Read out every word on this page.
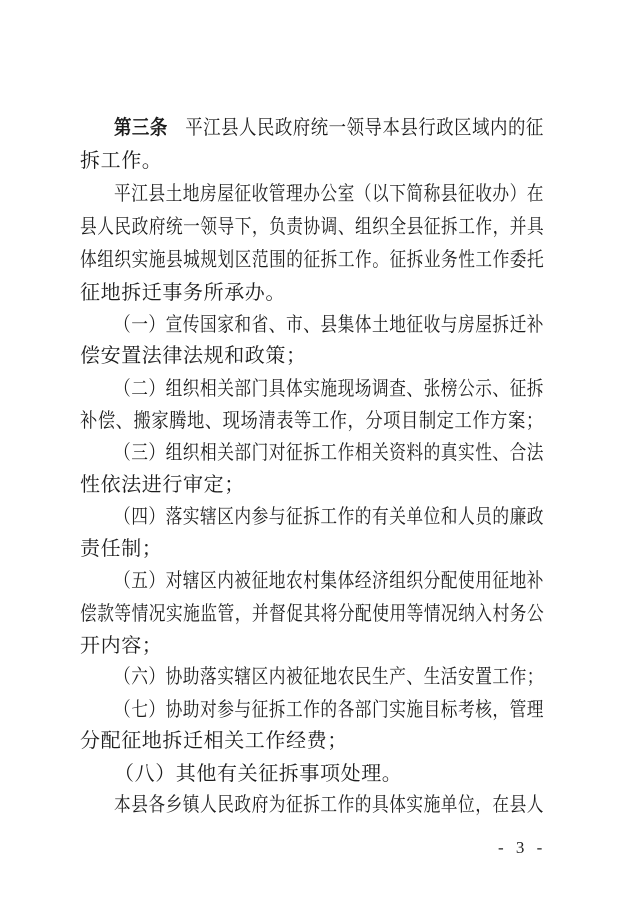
第三条 平江县人民政府统一领导本县行政区域内的征
拆工作。
平江县土地房屋征收管理办公室（以下简称县征收办）在
县人民政府统一领导下，负责协调、组织全县征拆工作，并具
体组织实施县城规划区范围的征拆工作。征拆业务性工作委托
征地拆迁事务所承办。
（一）宣传国家和省、市、县集体土地征收与房屋拆迁补
偿安置法律法规和政策；
（二）组织相关部门具体实施现场调查、张榜公示、征拆
补偿、搬家腾地、现场清表等工作，分项目制定工作方案；
（三）组织相关部门对征拆工作相关资料的真实性、合法
性依法进行审定；
（四）落实辖区内参与征拆工作的有关单位和人员的廉政
责任制；
（五）对辖区内被征地农村集体经济组织分配使用征地补
偿款等情况实施监管，并督促其将分配使用等情况纳入村务公
开内容；
（六）协助落实辖区内被征地农民生产、生活安置工作；
（七）协助对参与征拆工作的各部门实施目标考核，管理
分配征地拆迁相关工作经费；
（八）其他有关征拆事项处理。
本县各乡镇人民政府为征拆工作的具体实施单位，在县人
- 3 -
